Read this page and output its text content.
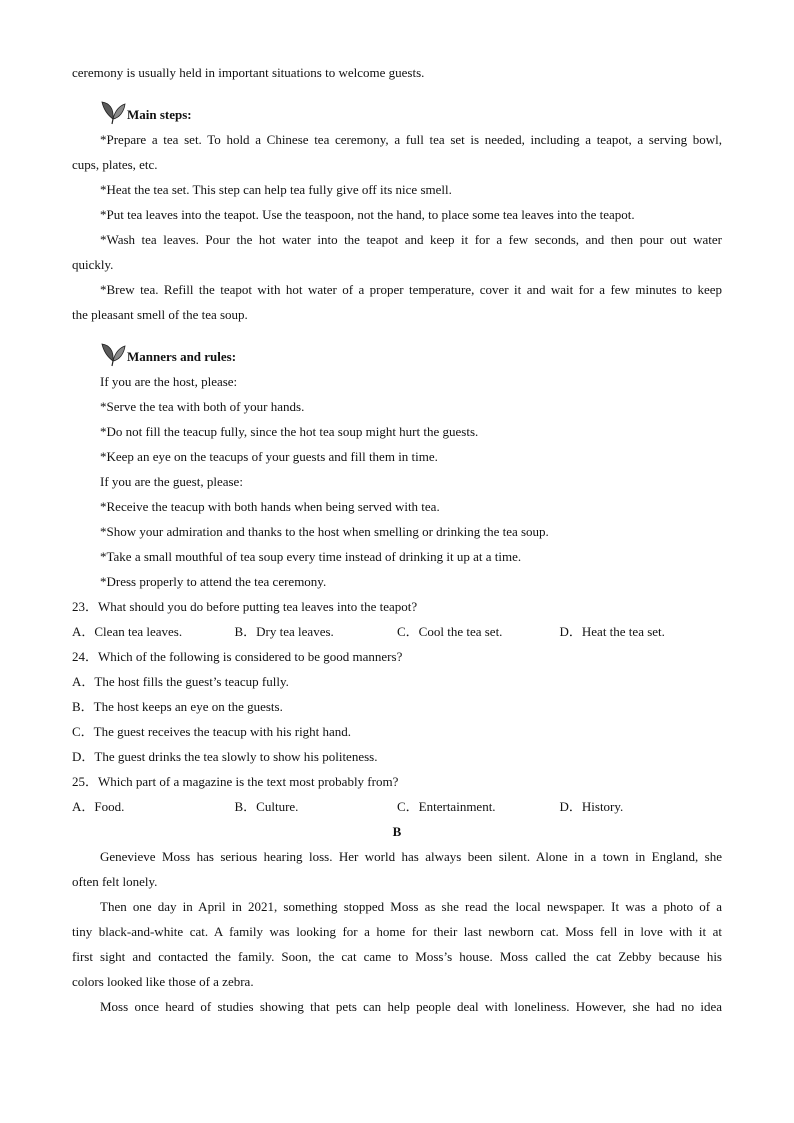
ceremony is usually held in important situations to welcome guests.
Main steps:
*Prepare a tea set. To hold a Chinese tea ceremony, a full tea set is needed, including a teapot, a serving bowl,
cups, plates, etc.
*Heat the tea set. This step can help tea fully give off its nice smell.
*Put tea leaves into the teapot. Use the teaspoon, not the hand, to place some tea leaves into the teapot.
*Wash tea leaves. Pour the hot water into the teapot and keep it for a few seconds, and then pour out water
quickly.
*Brew tea. Refill the teapot with hot water of a proper temperature, cover it and wait for a few minutes to keep
the pleasant smell of the tea soup.
Manners and rules:
If you are the host, please:
*Serve the tea with both of your hands.
*Do not fill the teacup fully, since the hot tea soup might hurt the guests.
*Keep an eye on the teacups of your guests and fill them in time.
If you are the guest, please:
*Receive the teacup with both hands when being served with tea.
*Show your admiration and thanks to the host when smelling or drinking the tea soup.
*Take a small mouthful of tea soup every time instead of drinking it up at a time.
*Dress properly to attend the tea ceremony.
23．What should you do before putting tea leaves into the teapot?
A．Clean tea leaves.	B．Dry tea leaves.	C．Cool the tea set.	D．Heat the tea set.
24．Which of the following is considered to be good manners?
A．The host fills the guest’s teacup fully.
B．The host keeps an eye on the guests.
C．The guest receives the teacup with his right hand.
D．The guest drinks the tea slowly to show his politeness.
25．Which part of a magazine is the text most probably from?
A．Food.	B．Culture.	C．Entertainment.	D．History.
B
Genevieve Moss has serious hearing loss. Her world has always been silent. Alone in a town in England, she
often felt lonely.
Then one day in April in 2021, something stopped Moss as she read the local newspaper. It was a photo of a
tiny black-and-white cat. A family was looking for a home for their last newborn cat. Moss fell in love with it at
first sight and contacted the family. Soon, the cat came to Moss’s house. Moss called the cat Zebby because his
colors looked like those of a zebra.
Moss once heard of studies showing that pets can help people deal with loneliness. However, she had no idea
